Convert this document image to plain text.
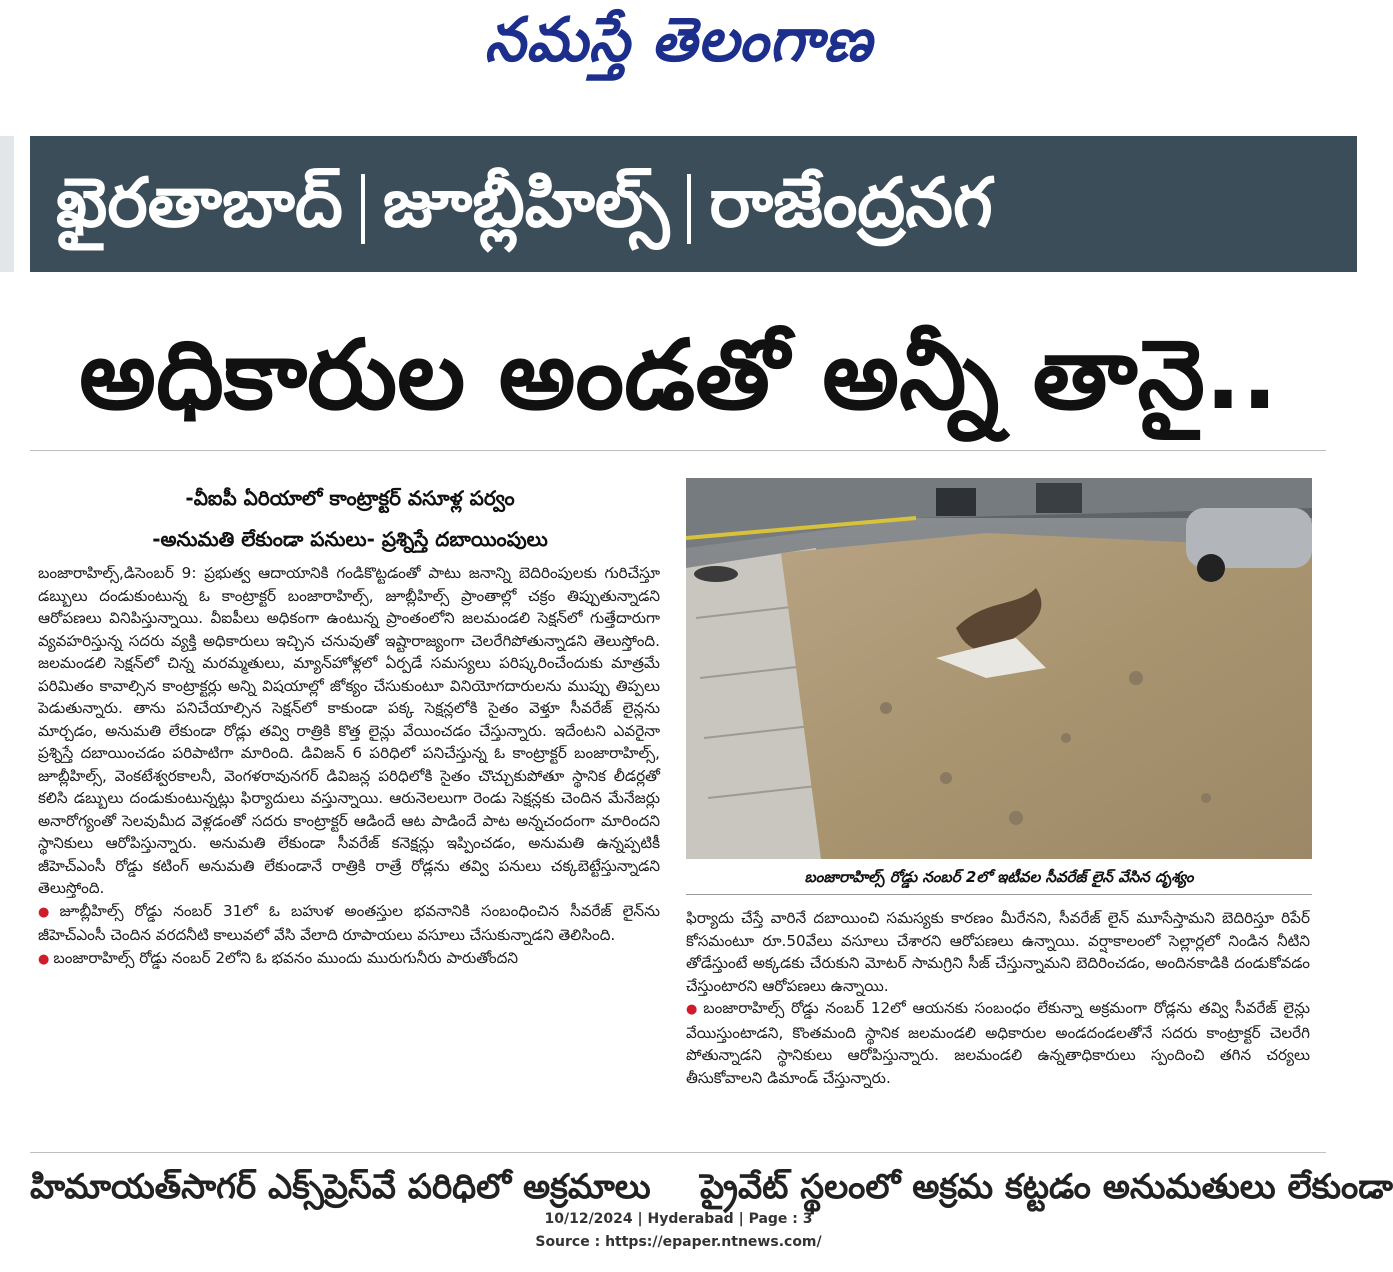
నమస్తే తెలంగాణ
ఖైరతాబాద్ జూబ్లీహిల్స్ రాజేంద్రనగ
అధికారుల అండతో అన్నీ తానై..
-వీఐపీ ఏరియాలో కాంట్రాక్టర్ వసూళ్ల పర్వం
-అనుమతి లేకుండా పనులు- ప్రశ్నిస్తే దబాయింపులు

బంజారాహిల్స్,డిసెంబర్ 9: ప్రభుత్వ ఆదాయానికి గండికొట్టడంతో పాటు జనాన్ని బెదిరింపులకు గురిచేస్తూ డబ్బులు దండుకుంటున్న ఓ కాంట్రాక్టర్ బంజారాహిల్స్, జూబ్లీహిల్స్ ప్రాంతాల్లో చక్రం తిప్పుతున్నాడని ఆరోపణలు వినిపిస్తున్నాయి. వీఐపీలు అధికంగా ఉంటున్న ప్రాంతంలోని జలమండలి సెక్షన్‌లో గుత్తేదారుగా వ్యవహరిస్తున్న సదరు వ్యక్తి అధికారులు ఇచ్చిన చనువుతో ఇష్టారాజ్యంగా చెలరేగిపోతున్నాడని తెలుస్తోంది. జలమండలి సెక్షన్‌లో చిన్న మరమ్మతులు, మ్యాన్‌హోళ్లలో ఏర్పడే సమస్యలు పరిష్కరించేందుకు మాత్రమే పరిమితం కావాల్సిన కాంట్రాక్టర్లు అన్ని విషయాల్లో జోక్యం చేసుకుంటూ వినియోగదారులను ముప్పు తిప్పలు పెడుతున్నారు. తాను పనిచేయాల్సిన సెక్షన్‌లో కాకుండా పక్క సెక్షన్లలోకి సైతం వెళ్తూ సీవరేజ్ లైన్లను మార్చడం, అనుమతి లేకుండా రోడ్లు తవ్వి రాత్రికి కొత్త లైన్లు వేయించడం చేస్తున్నారు. ఇదేంటని ఎవరైనా ప్రశ్నిస్తే దబాయించడం పరిపాటిగా మారింది. డివిజన్ 6 పరిధిలో పనిచేస్తున్న ఓ కాంట్రాక్టర్ బంజారాహిల్స్, జూబ్లీహిల్స్, వెంకటేశ్వరకాలనీ, వెంగళరావునగర్ డివిజన్ల పరిధిలోకి సైతం చొచ్చుకుపోతూ స్థానిక లీడర్లతో కలిసి డబ్బులు దండుకుంటున్నట్లు ఫిర్యాదులు వస్తున్నాయి. ఆరునెలలుగా రెండు సెక్షన్లకు చెందిన మేనేజర్లు అనారోగ్యంతో సెలవుమీద వెళ్లడంతో సదరు కాంట్రాక్టర్ ఆడిందే ఆట పాడిందే పాట అన్నచందంగా మారిందని స్థానికులు ఆరోపిస్తున్నారు. అనుమతి లేకుండా సీవరేజ్ కనెక్షన్లు ఇప్పించడం, అనుమతి ఉన్నప్పటికీ జీహెచ్‌ఎంసీ రోడ్డు కటింగ్ అనుమతి లేకుండానే రాత్రికి రాత్రే రోడ్లను తవ్వి పనులు చక్కబెట్టేస్తున్నాడని తెలుస్తోంది.

● జూబ్లీహిల్స్ రోడ్డు నంబర్ 31లో ఓ బహుళ అంతస్తుల భవనానికి సంబంధించిన సీవరేజ్ లైన్‌ను జీహెచ్‌ఎంసీ చెందిన వరదనీటి కాలువలో వేసి వేలాది రూపాయలు వసూలు చేసుకున్నాడని తెలిసింది.

● బంజారాహిల్స్ రోడ్డు నంబర్ 2లోని ఓ భవనం ముందు మురుగునీరు పారుతోందని

బంజారాహిల్స్ రోడ్డు నంబర్ 2లో ఇటీవల సీవరేజ్ లైన్ వేసిన దృశ్యం

ఫిర్యాదు చేస్తే వారినే దబాయించి సమస్యకు కారణం మీరేనని, సీవరేజ్ లైన్ మూసేస్తామని బెదిరిస్తూ రిపేర్ కోసమంటూ రూ.50వేలు వసూలు చేశారని ఆరోపణలు ఉన్నాయి. వర్షాకాలంలో సెల్లార్లలో నిండిన నీటిని తోడేస్తుంటే అక్కడకు చేరుకుని మోటర్ సామగ్రిని సీజ్ చేస్తున్నామని బెదిరించడం, అందినకాడికి దండుకోవడం చేస్తుంటారని ఆరోపణలు ఉన్నాయి.

● బంజారాహిల్స్ రోడ్డు నంబర్ 12లో ఆయనకు సంబంధం లేకున్నా అక్రమంగా రోడ్లను తవ్వి సీవరేజ్ లైన్లు వేయిస్తుంటాడని, కొంతమంది స్థానిక జలమండలి అధికారుల అండదండలతోనే సదరు కాంట్రాక్టర్ చెలరేగి పోతున్నాడని స్థానికులు ఆరోపిస్తున్నారు. జలమండలి ఉన్నతాధికారులు స్పందించి తగిన చర్యలు తీసుకోవాలని డిమాండ్ చేస్తున్నారు.

హిమాయత్‌సాగర్ ఎక్స్‌ప్రెస్‌వే పరిధిలో అక్రమాలు	ప్రైవేట్ స్థలంలో అక్రమ కట్టడం అనుమతులు లేకుండా
10/12/2024 | Hyderabad | Page : 3
Source : https://epaper.ntnews.com/
